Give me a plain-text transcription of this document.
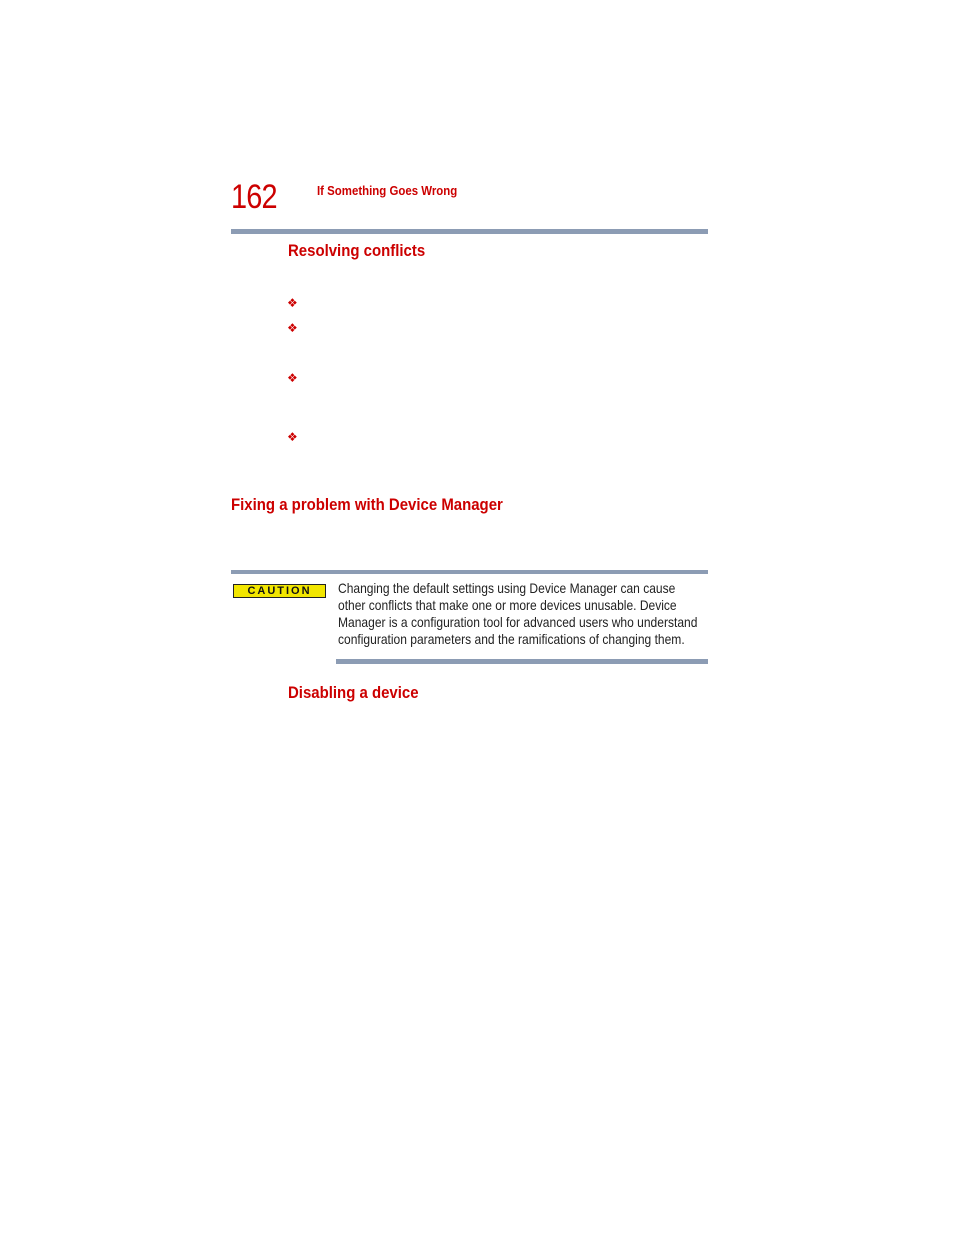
162	If Something Goes Wrong
Resolving conflicts
❖
❖
❖
❖
Fixing a problem with Device Manager
CAUTION Changing the default settings using Device Manager can cause other conflicts that make one or more devices unusable. Device Manager is a configuration tool for advanced users who understand configuration parameters and the ramifications of changing them.
Disabling a device
